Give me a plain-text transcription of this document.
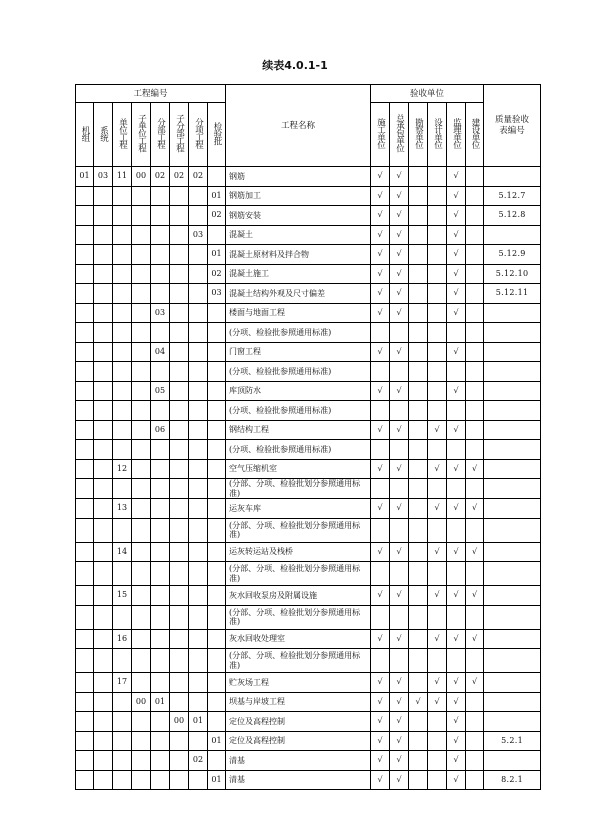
续表4.0.1-1
工程编号								工程名称	验收单位						质量验收表编号
机组	系统	单位工程	子单位工程	分部工程	子分部工程	分项工程	检验批		施工单位	总承包单位	勘察单位	设计单位	监理单位	建设单位	
01	03	11	00	02	02	02		钢筋	√	√			√		
							01	钢筋加工	√	√			√		5.12.7
							02	钢筋安装	√	√			√		5.12.8
						03		混凝土	√	√			√		
							01	混凝土原材料及拌合物	√	√			√		5.12.9
							02	混凝土施工	√	√			√		5.12.10
							03	混凝土结构外观及尺寸偏差	√	√			√		5.12.11
				03				楼面与地面工程	√	√			√		
								(分项、检验批参照通用标准)							
				04				门窗工程	√	√			√		
								(分项、检验批参照通用标准)							
				05				库顶防水	√	√			√		
								(分项、检验批参照通用标准)							
				06				钢结构工程	√	√		√	√		
								(分项、检验批参照通用标准)							
		12						空气压缩机室	√	√		√	√	√	
								(分部、分项、检验批划分参照通用标准)							
		13						运灰车库	√	√		√	√	√	
								(分部、分项、检验批划分参照通用标准)							
		14						运灰转运站及栈桥	√	√		√	√	√	
								(分部、分项、检验批划分参照通用标准)							
		15						灰水回收泵房及附属设施	√	√		√	√	√	
								(分部、分项、检验批划分参照通用标准)							
		16						灰水回收处理室	√	√		√	√	√	
								(分部、分项、检验批划分参照通用标准)							
		17						贮灰场工程	√	√		√	√	√	
			00	01				坝基与岸坡工程	√	√	√	√	√		
					00	01		定位及高程控制	√	√			√		
							01	定位及高程控制	√	√			√		5.2.1
						02		清基	√	√			√		
							01	清基	√	√			√		8.2.1
